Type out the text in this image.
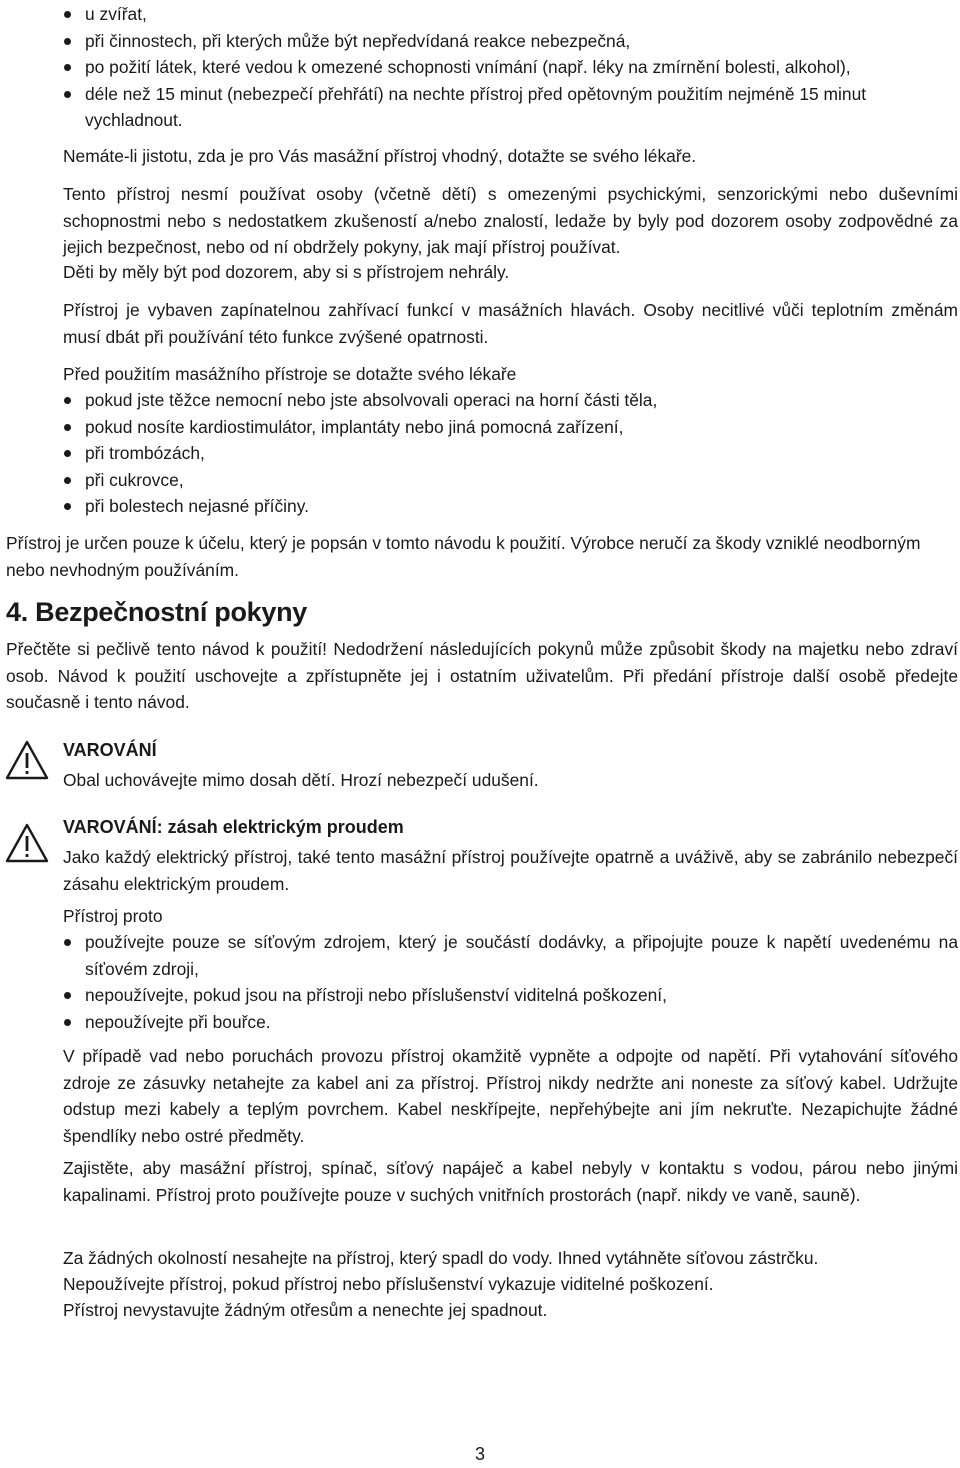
u zvířat,
při činnostech, při kterých může být nepředvídaná reakce nebezpečná,
po požití látek, které vedou k omezené schopnosti vnímání (např. léky na zmírnění bolesti, alkohol),
déle než 15 minut (nebezpečí přehřátí) na nechte přístroj před opětovným použitím nejméně 15 minut vychladnout.

Nemáte-li jistotu, zda je pro Vás masážní přístroj vhodný, dotažte se svého lékaře.

Tento přístroj nesmí používat osoby (včetně dětí) s omezenými psychickými, senzorickými nebo duševními schopnostmi nebo s nedostatkem zkušeností a/nebo znalostí, ledaže by byly pod dozorem osoby zodpovědné za jejich bezpečnost, nebo od ní obdržely pokyny, jak mají přístroj používat.

Děti by měly být pod dozorem, aby si s přístrojem nehrály.

Přístroj je vybaven zapínatelnou zahřívací funkcí v masážních hlavách. Osoby necitlivé vůči teplotním změnám musí dbát při používání této funkce zvýšené opatrnosti.

Před použitím masážního přístroje se dotažte svého lékaře

pokud jste těžce nemocní nebo jste absolvovali operaci na horní části těla,
pokud nosíte kardiostimulátor, implantáty nebo jiná pomocná zařízení,
při trombózách,
při cukrovce,
při bolestech nejasné příčiny.

Přístroj je určen pouze k účelu, který je popsán v tomto návodu k použití. Výrobce neručí za škody vzniklé neodborným nebo nevhodným používáním.

4. Bezpečnostní pokyny

Přečtěte si pečlivě tento návod k použití! Nedodržení následujících pokynů může způsobit škody na majetku nebo zdraví osob. Návod k použití uschovejte a zpřístupněte jej i ostatním uživatelům. Při předání přístroje další osobě předejte současně i tento návod.

VAROVÁNÍ

Obal uchovávejte mimo dosah dětí. Hrozí nebezpečí udušení.

VAROVÁNÍ: zásah elektrickým proudem

Jako každý elektrický přístroj, také tento masážní přístroj používejte opatrně a uváživě, aby se zabránilo nebezpečí zásahu elektrickým proudem.

Přístroj proto

používejte pouze se síťovým zdrojem, který je součástí dodávky, a připojujte pouze k napětí uvedenému na síťovém zdroji,
nepoužívejte, pokud jsou na přístroji nebo příslušenství viditelná poškození,
nepoužívejte při bouřce.

V případě vad nebo poruchách provozu přístroj okamžitě vypněte a odpojte od napětí. Při vytahování síťového zdroje ze zásuvky netahejte za kabel ani za přístroj. Přístroj nikdy nedržte ani noneste za síťový kabel. Udržujte odstup mezi kabely a teplým povrchem. Kabel neskřípejte, nepřehýbejte ani jím nekruťte. Nezapichujte žádné špendlíky nebo ostré předměty.

Zajistěte, aby masážní přístroj, spínač, síťový napáječ a kabel nebyly v kontaktu s vodou, párou nebo jinými kapalinami. Přístroj proto používejte pouze v suchých vnitřních prostorách (např. nikdy ve vaně, sauně).

Za žádných okolností nesahejte na přístroj, který spadl do vody. Ihned vytáhněte síťovou zástrčku.

Nepoužívejte přístroj, pokud přístroj nebo příslušenství vykazuje viditelné poškození.

Přístroj nevystavujte žádným otřesům a nenechte jej spadnout.

3
